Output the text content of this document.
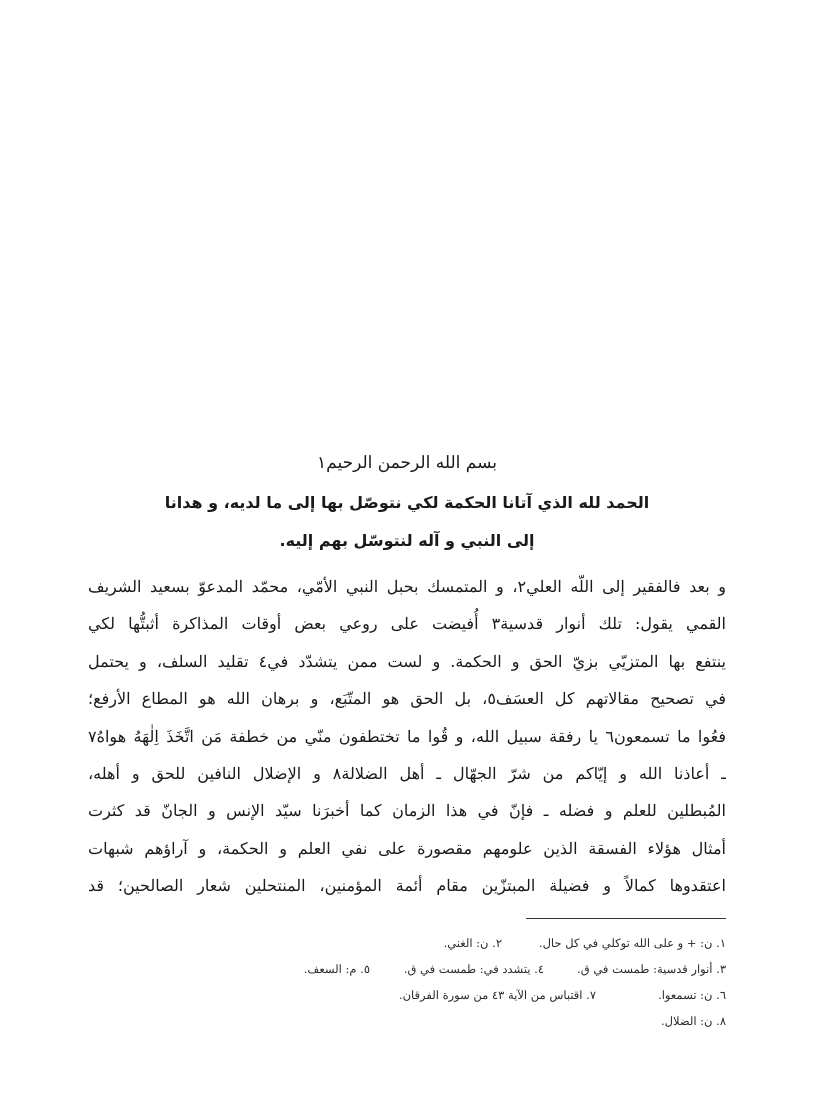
بسم الله الرحمن الرحيم١
الحمد لله الذي آتانا الحكمة لكي نتوصّل بها إلى ما لديه، و هدانا
إلى النبي و آله لنتوسّل بهم إليه.
و بعد فالفقير إلى اللّه العلي٢، و المتمسك بحبل النبي الأمّي، محمّد المدعوّ بسعيد الشريف
القمي يقول: تلك أنوار قدسية٣ أُفيضت على روعي بعض أوقات المذاكرة أثبتُّها لكي
ينتفع بها المتزيّي بزيّ الحق و الحكمة. و لست ممن يتشدّد في٤ تقليد السلف، و يحتمل
في تصحيح مقالاتهم كل العسَف٥، بل الحق هو المتّبَع، و برهان الله هو المطاع الأرفع؛
فعُوا ما تسمعون٦ يا رفقة سبيل الله، و قُوا ما تختطفون منّي من خطفة مَن اتَّخَذَ اِلٰهَهُ هواهُ٧
ـ أعاذنا الله و إيّاكم من شرّ الجهّال ـ أهل الضلالة٨ و الإضلال النافين للحق و أهله،
المُبطلين للعلم و فضله ـ فإنّ في هذا الزمان كما أخبرَنا سيّد الإنس و الجانّ قد كثرت
أمثال هؤلاء الفسقة الذين علومهم مقصورة على نفي العلم و الحكمة، و آراؤهم شبهات
اعتقدوها كمالاً و فضيلة المبتزّين مقام أئمة المؤمنين، المنتحلين شعار الصالحين؛ قد
١. ن: + و على الله توكلي في كل حال.
٢. ن: الغني.
٣. أنوار قدسية: طمست في ق.
٤. يتشدد في: طمست في ق.
٥. م: السعف.
٦. ن: تسمعوا.
٧. اقتباس من الآية ٤٣ من سورة الفرقان.
٨. ن: الضلال.
